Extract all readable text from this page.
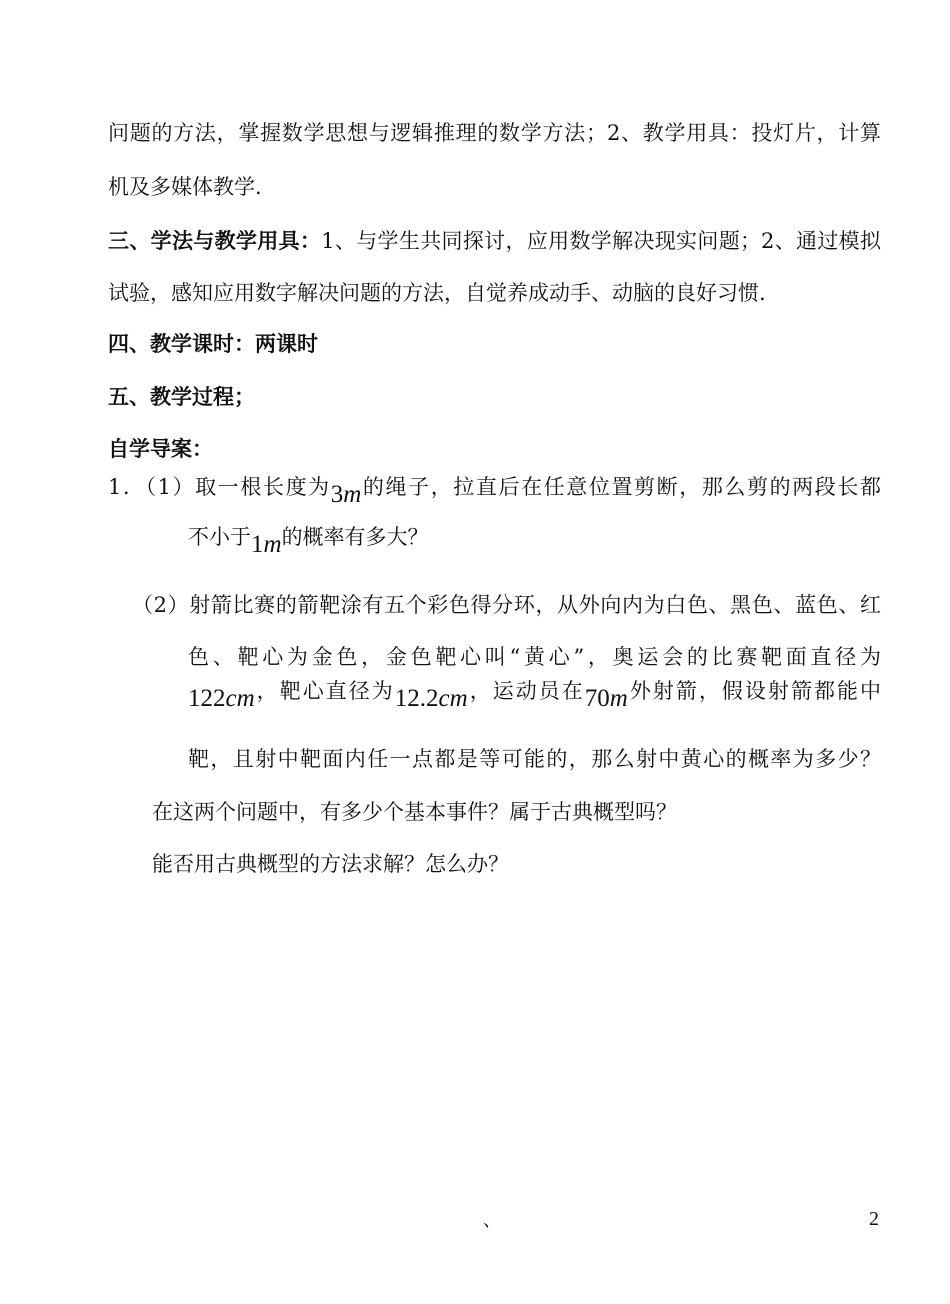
问题的方法，掌握数学思想与逻辑推理的数学方法；2、教学用具：投灯片，计算
机及多媒体教学.
三、学法与教学用具：1、与学生共同探讨，应用数学解决现实问题；2、通过模拟
试验，感知应用数字解决问题的方法，自觉养成动手、动脑的良好习惯.
四、教学课时：两课时
五、教学过程；
自学导案：
1．（1）取一根长度为3m的绳子，拉直后在任意位置剪断，那么剪的两段长都
不小于1m的概率有多大？
（2）射箭比赛的箭靶涂有五个彩色得分环，从外向内为白色、黑色、蓝色、红
色、靶心为金色，金色靶心叫“黄心”，奥运会的比赛靶面直径为
122cm，靶心直径为12.2cm，运动员在70m外射箭，假设射箭都能中
靶，且射中靶面内任一点都是等可能的，那么射中黄心的概率为多少？
在这两个问题中，有多少个基本事件？属于古典概型吗？
能否用古典概型的方法求解？怎么办？
、	2
